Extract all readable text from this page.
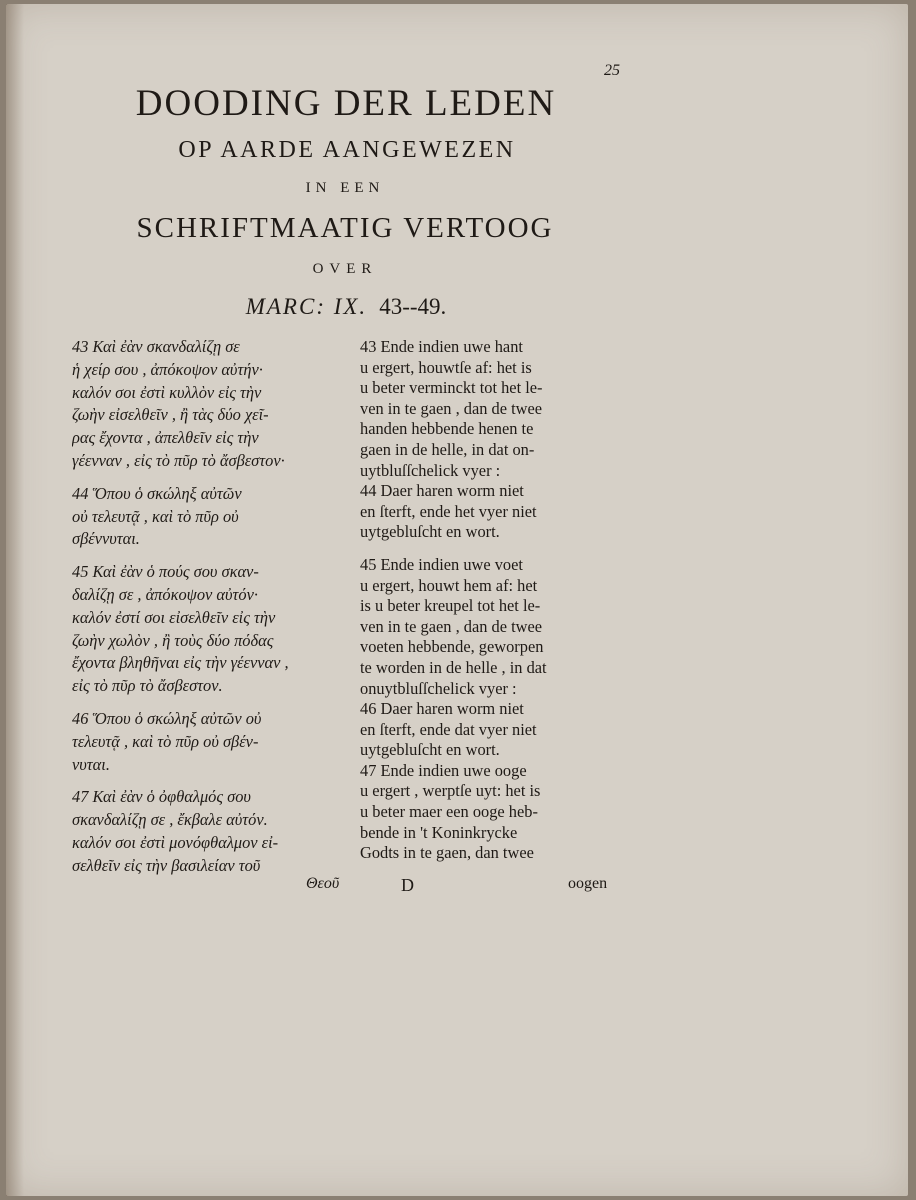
25
DOODING DER LEDEN
OP AARDE AANGEWEZEN
IN EEN
SCHRIFTMAATIG VERTOOG
OVER
MARC: IX. 43--49.
43 Καὶ ἐὰν σκανδαλίζῃ σε
ἡ χείρ σου , ἀπόκοψον αὐτήν·
καλόν σοι ἐστὶ κυλλὸν εἰς τὴν
ζωὴν εἰσελθεῖν , ἢ τὰς δύο χεῖ-
ρας ἔχοντα , ἀπελθεῖν εἰς τὴν
γέενναν , εἰς τὸ πῦρ τὸ ἄσβεστον·
44 Ὅπου ὁ σκώληξ αὐτῶν
οὐ τελευτᾷ , καὶ τὸ πῦρ οὐ
σβέννυται.
45 Καὶ ἐὰν ὁ πούς σου σκαν-
δαλίζῃ σε , ἀπόκοψον αὐτόν·
καλόν ἐστί σοι εἰσελθεῖν εἰς τὴν
ζωὴν χωλὸν , ἢ τοὺς δύο πόδας
ἔχοντα βληθῆναι εἰς τὴν γέενναν ,
εἰς τὸ πῦρ τὸ ἄσβεστον.
46 Ὅπου ὁ σκώληξ αὐτῶν οὐ
τελευτᾷ , καὶ τὸ πῦρ οὐ σβέν-
νυται.
47 Καὶ ἐὰν ὁ ὀφθαλμός σου
σκανδαλίζῃ σε , ἔκβαλε αὐτόν.
καλόν σοι ἐστὶ μονόφθαλμον εἰ-
σελθεῖν εἰς τὴν βασιλείαν τοῦ
43 Ende indien uwe hant
u ergert, houwtſe af: het is
u beter verminckt tot het le-
ven in te gaen , dan de twee
handen hebbende henen te
gaen in de helle, in dat on-
uytbluſſchelick vyer :
44 Daer haren worm niet
en ſterft, ende het vyer niet
uytgebluſcht en wort.
45 Ende indien uwe voet
u ergert, houwt hem af: het
is u beter kreupel tot het le-
ven in te gaen , dan de twee
voeten hebbende, geworpen
te worden in de helle , in dat
onuytbluſſchelick vyer :
46 Daer haren worm niet
en ſterft, ende dat vyer niet
uytgebluſcht en wort.
47 Ende indien uwe ooge
u ergert , werptſe uyt: het is
u beter maer een ooge heb-
bende in 't Koninkrycke
Godts in te gaen, dan twee
Θεοῦ	D	oogen
